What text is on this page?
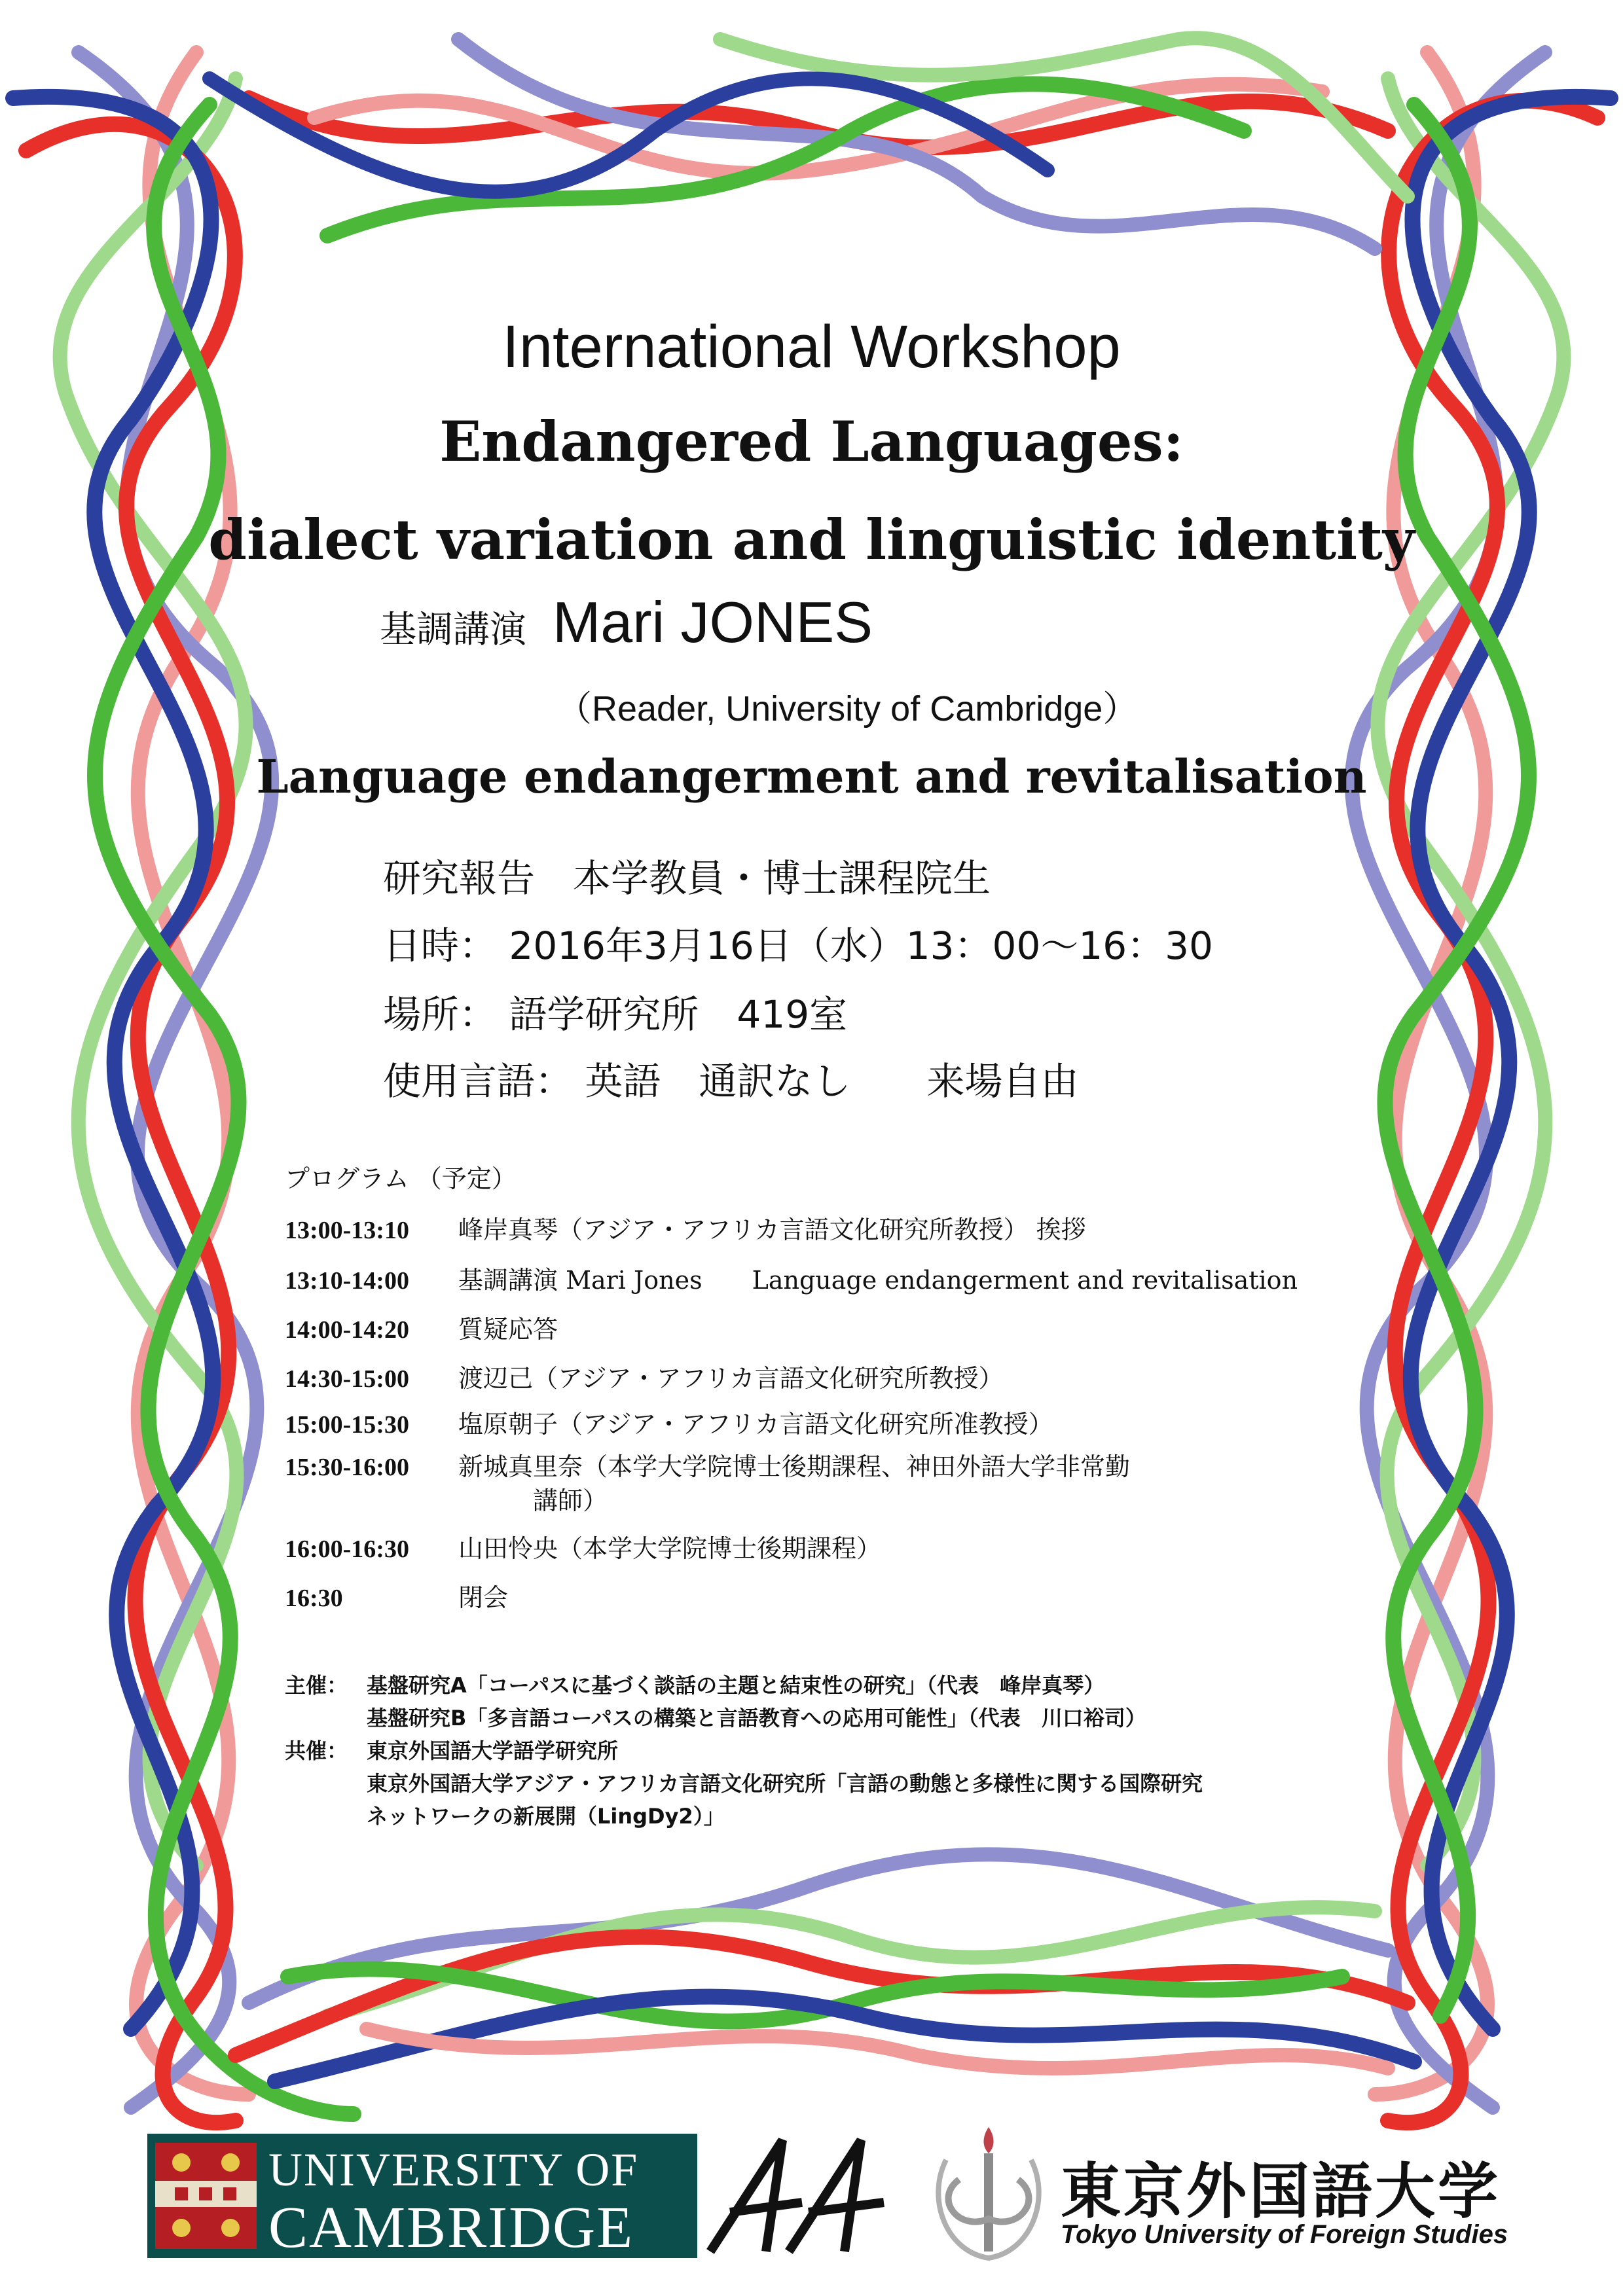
International Workshop
Endangered Languages:
dialect variation and linguistic identity
基調講演 Mari JONES
（Reader, University of Cambridge）
Language endangerment and revitalisation
研究報告　本学教員・博士課程院生
日時： 2016年3月16日（水）13：00～16：30
場所： 語学研究所　419室
使用言語： 英語　通訳なし　　来場自由
プログラム （予定）
13:00-13:10 峰岸真琴（アジア・アフリカ言語文化研究所教授） 挨拶
13:10-14:00 基調講演 Mari Jones　　Language endangerment and revitalisation
14:00-14:20 質疑応答
14:30-15:00 渡辺己（アジア・アフリカ言語文化研究所教授）
15:00-15:30 塩原朝子（アジア・アフリカ言語文化研究所准教授）
15:30-16:00 新城真里奈（本学大学院博士後期課程、神田外語大学非常勤
　　　講師）
16:00-16:30 山田怜央（本学大学院博士後期課程）
16:30	閉会
主催： 基盤研究A「コーパスに基づく談話の主題と結束性の研究」（代表　峰岸真琴）
基盤研究B「多言語コーパスの構築と言語教育への応用可能性」（代表　川口裕司）
共催： 東京外国語大学語学研究所
東京外国語大学アジア・アフリカ言語文化研究所「言語の動態と多様性に関する国際研究
ネットワークの新展開（LingDy2）」
UNIVERSITY OF
CAMBRIDGE
東京外国語大学
Tokyo University of Foreign Studies
